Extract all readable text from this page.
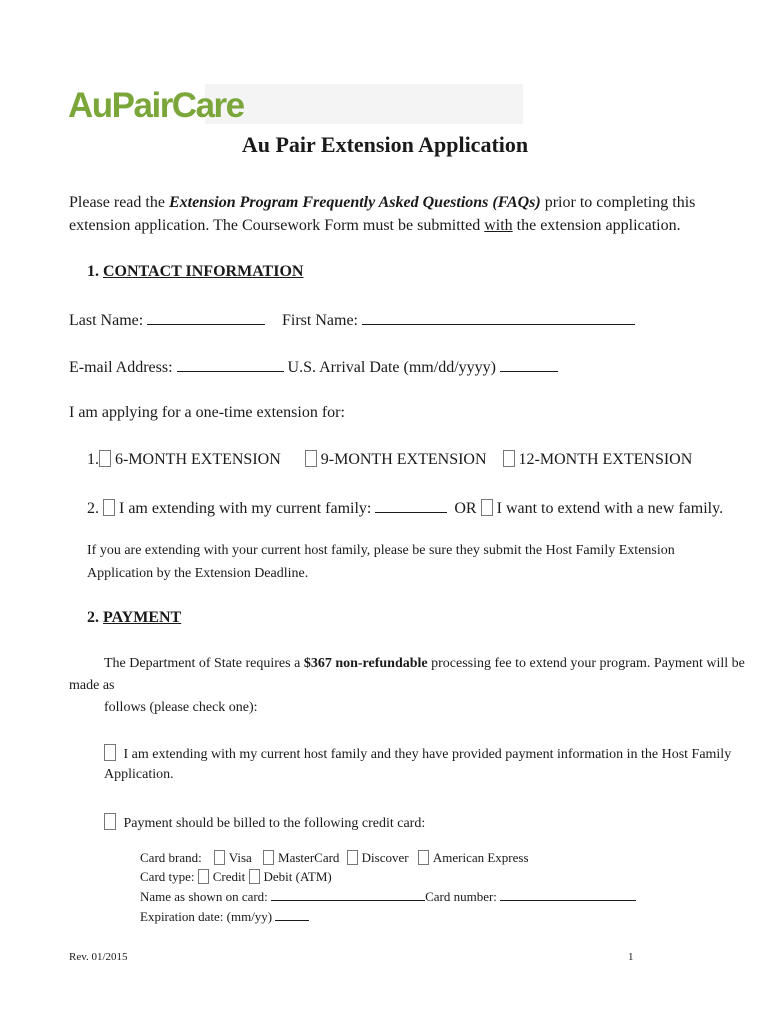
AuPairCare
Au Pair Extension Application
Please read the Extension Program Frequently Asked Questions (FAQs) prior to completing this
extension application. The Coursework Form must be submitted with the extension application.
1. CONTACT INFORMATION
Last Name:	First Name:
E-mail Address:	U.S. Arrival Date (mm/dd/yyyy)
I am applying for a one-time extension for:
1. 6-MONTH EXTENSION	9-MONTH EXTENSION 12-MONTH EXTENSION
2. I am extending with my current family:	OR I want to extend with a new family.
If you are extending with your current host family, please be sure they submit the Host Family Extension
Application by the Extension Deadline.
2. PAYMENT
The Department of State requires a $367 non-refundable processing fee to extend your program. Payment will be
made as
follows (please check one):
I am extending with my current host family and they have provided payment information in the Host Family
Application.
Payment should be billed to the following credit card:
Card brand: Visa MasterCard Discover American Express
Card type: Credit Debit (ATM)
Name as shown on card:	Card number:
Expiration date: (mm/yy)
Rev. 01/2015	1
